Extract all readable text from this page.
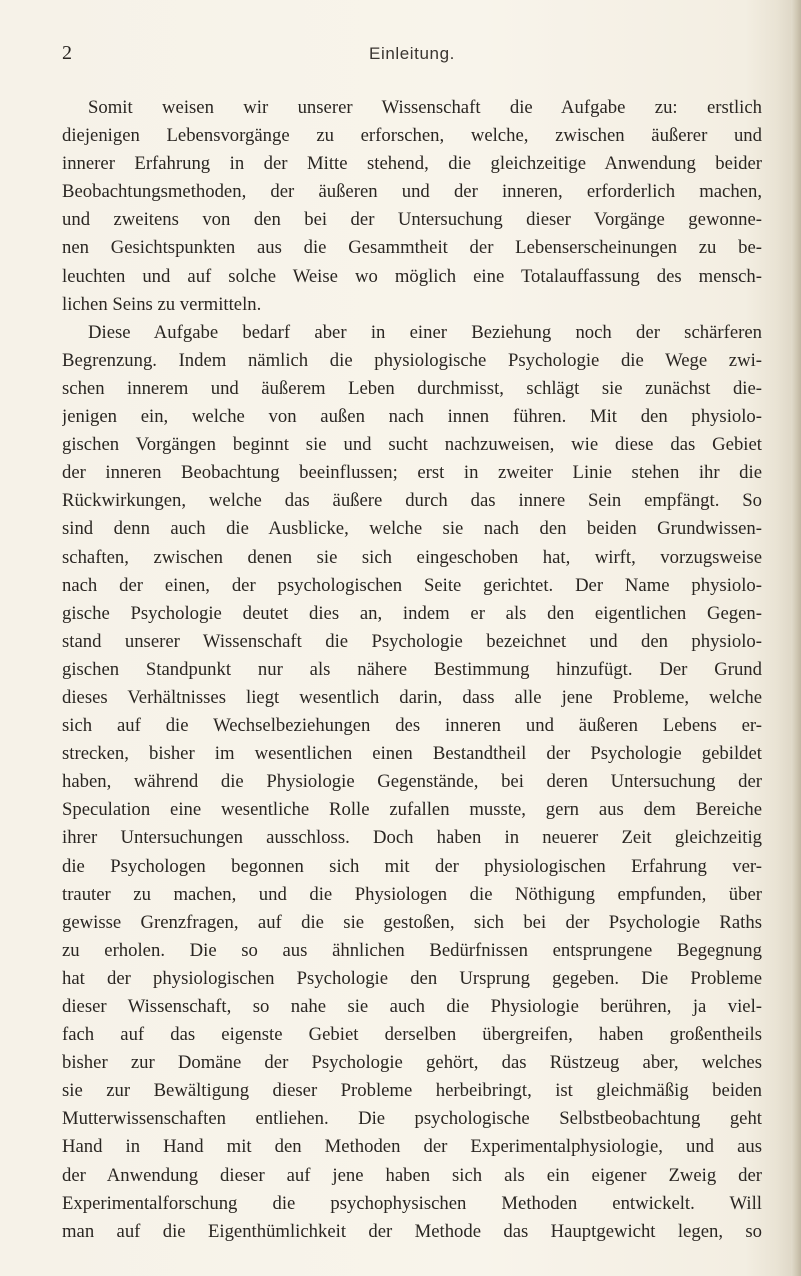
2	Einleitung.
Somit weisen wir unserer Wissenschaft die Aufgabe zu: erstlich
diejenigen Lebensvorgänge zu erforschen, welche, zwischen äußerer und
innerer Erfahrung in der Mitte stehend, die gleichzeitige Anwendung beider
Beobachtungsmethoden, der äußeren und der inneren, erforderlich machen,
und zweitens von den bei der Untersuchung dieser Vorgänge gewonne-
nen Gesichtspunkten aus die Gesammtheit der Lebenserscheinungen zu be-
leuchten und auf solche Weise wo möglich eine Totalauffassung des mensch-
lichen Seins zu vermitteln.
Diese Aufgabe bedarf aber in einer Beziehung noch der schärferen
Begrenzung. Indem nämlich die physiologische Psychologie die Wege zwi-
schen innerem und äußerem Leben durchmisst, schlägt sie zunächst die-
jenigen ein, welche von außen nach innen führen. Mit den physiolo-
gischen Vorgängen beginnt sie und sucht nachzuweisen, wie diese das Gebiet
der inneren Beobachtung beeinflussen; erst in zweiter Linie stehen ihr die
Rückwirkungen, welche das äußere durch das innere Sein empfängt. So
sind denn auch die Ausblicke, welche sie nach den beiden Grundwissen-
schaften, zwischen denen sie sich eingeschoben hat, wirft, vorzugsweise
nach der einen, der psychologischen Seite gerichtet. Der Name physiolo-
gische Psychologie deutet dies an, indem er als den eigentlichen Gegen-
stand unserer Wissenschaft die Psychologie bezeichnet und den physiolo-
gischen Standpunkt nur als nähere Bestimmung hinzufügt. Der Grund
dieses Verhältnisses liegt wesentlich darin, dass alle jene Probleme, welche
sich auf die Wechselbeziehungen des inneren und äußeren Lebens er-
strecken, bisher im wesentlichen einen Bestandtheil der Psychologie gebildet
haben, während die Physiologie Gegenstände, bei deren Untersuchung der
Speculation eine wesentliche Rolle zufallen musste, gern aus dem Bereiche
ihrer Untersuchungen ausschloss. Doch haben in neuerer Zeit gleichzeitig
die Psychologen begonnen sich mit der physiologischen Erfahrung ver-
trauter zu machen, und die Physiologen die Nöthigung empfunden, über
gewisse Grenzfragen, auf die sie gestoßen, sich bei der Psychologie Raths
zu erholen. Die so aus ähnlichen Bedürfnissen entsprungene Begegnung
hat der physiologischen Psychologie den Ursprung gegeben. Die Probleme
dieser Wissenschaft, so nahe sie auch die Physiologie berühren, ja viel-
fach auf das eigenste Gebiet derselben übergreifen, haben großentheils
bisher zur Domäne der Psychologie gehört, das Rüstzeug aber, welches
sie zur Bewältigung dieser Probleme herbeibringt, ist gleichmäßig beiden
Mutterwissenschaften entliehen. Die psychologische Selbstbeobachtung geht
Hand in Hand mit den Methoden der Experimentalphysiologie, und aus
der Anwendung dieser auf jene haben sich als ein eigener Zweig der
Experimentalforschung die psychophysischen Methoden entwickelt. Will
man auf die Eigenthümlichkeit der Methode das Hauptgewicht legen, so
